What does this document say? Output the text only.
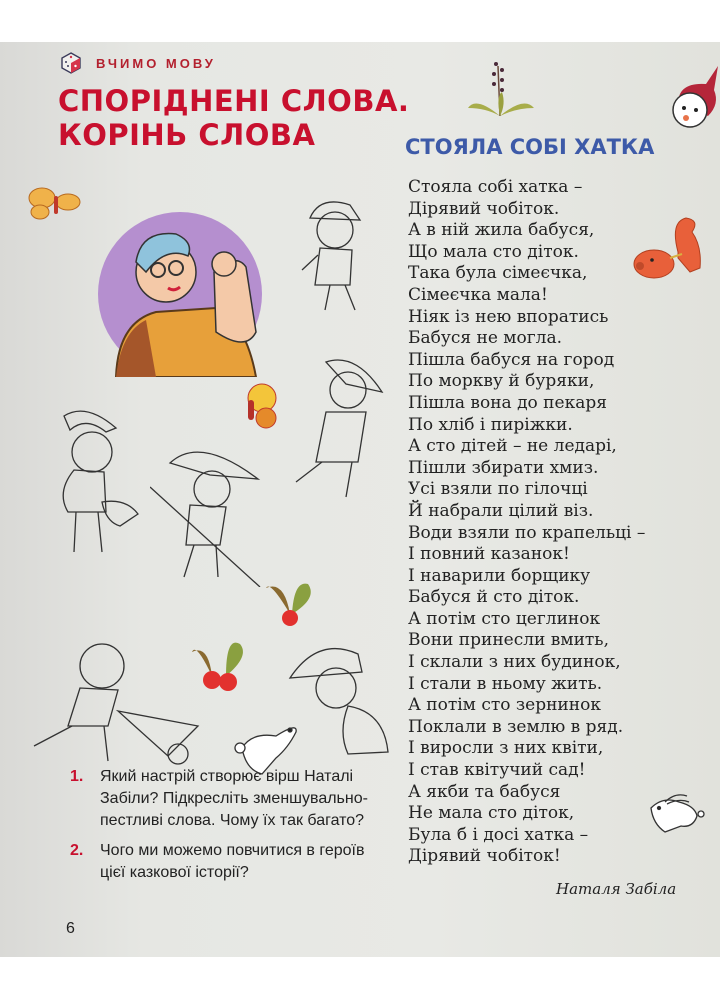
ВЧИМО МОВУ
СПОРІДНЕНІ СЛОВА.
КОРІНЬ СЛОВА	СТОЯЛА СОБІ ХАТКА
Стояла собі хатка –
Дірявий чобіток.
А в ній жила бабуся,
Що мала сто діток.
Така була сімеєчка,
Сімеєчка мала!
Ніяк із нею впоратись
Бабуся не могла.
Пішла бабуся на город
По моркву й буряки,
Пішла вона до пекаря
По хліб і пиріжки.
А сто дітей – не ледарі,
Пішли збирати хмиз.
Усі взяли по гілочці
Й набрали цілий віз.
Води взяли по крапельці –
І повний казанок!
І наварили борщику
Бабуся й сто діток.
А потім сто цеглинок
Вони принесли вмить,
І склали з них будинок,
І стали в ньому жить.
А потім сто зернинок
Поклали в землю в ряд.
І виросли з них квіти,
І став квітучий сад!
А якби та бабуся
Не мала сто діток,
Була б і досі хатка –
Дірявий чобіток!
Наталя Забіла
1.	Який настрій створює вірш Наталі Забіли? Підкресліть зменшувально-пестливі слова. Чому їх так багато?
2.	Чого ми можемо повчитися в героїв цієї казкової історії?
6
